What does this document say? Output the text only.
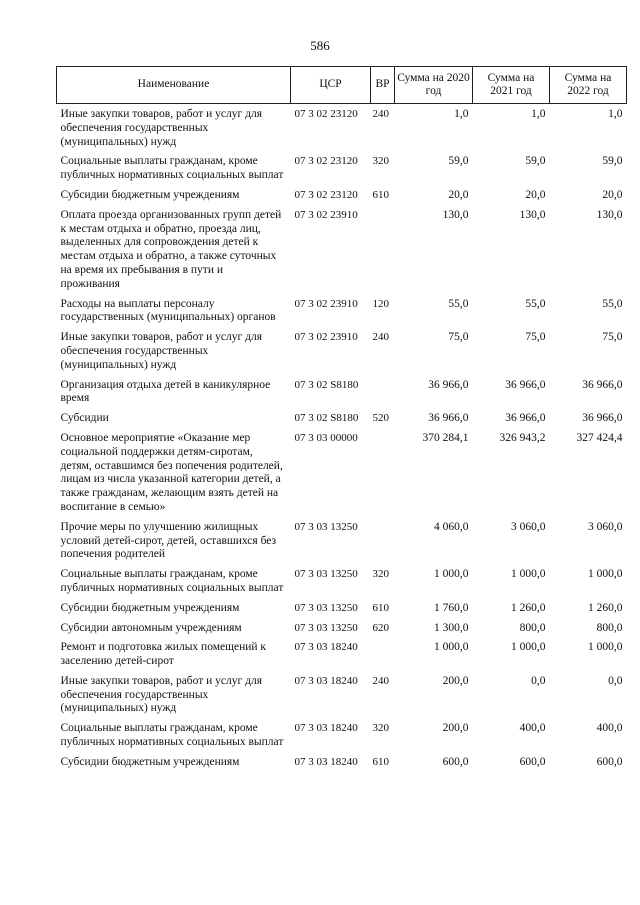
586
Наименование	ЦСР	ВР	Сумма на 2020 год	Сумма на 2021 год	Сумма на 2022 год
Иные закупки товаров, работ и услуг для обеспечения государственных (муниципальных) нужд	07 3 02 23120	240	1,0	1,0	1,0
Социальные выплаты гражданам, кроме публичных нормативных социальных выплат	07 3 02 23120	320	59,0	59,0	59,0
Субсидии бюджетным учреждениям	07 3 02 23120	610	20,0	20,0	20,0
Оплата проезда организованных групп детей к местам отдыха и обратно, проезда лиц, выделенных для сопровождения детей к местам отдыха и обратно, а также суточных на время их пребывания в пути и проживания	07 3 02 23910		130,0	130,0	130,0
Расходы на выплаты персоналу государственных (муниципальных) органов	07 3 02 23910	120	55,0	55,0	55,0
Иные закупки товаров, работ и услуг для обеспечения государственных (муниципальных) нужд	07 3 02 23910	240	75,0	75,0	75,0
Организация отдыха детей в каникулярное время	07 3 02 S8180		36 966,0	36 966,0	36 966,0
Субсидии	07 3 02 S8180	520	36 966,0	36 966,0	36 966,0
Основное мероприятие «Оказание мер социальной поддержки детям-сиротам, детям, оставшимся без попечения родителей, лицам из числа указанной категории детей, а также гражданам, желающим взять детей на воспитание в семью»	07 3 03 00000		370 284,1	326 943,2	327 424,4
Прочие меры по улучшению жилищных условий детей-сирот, детей, оставшихся без попечения родителей	07 3 03 13250		4 060,0	3 060,0	3 060,0
Социальные выплаты гражданам, кроме публичных нормативных социальных выплат	07 3 03 13250	320	1 000,0	1 000,0	1 000,0
Субсидии бюджетным учреждениям	07 3 03 13250	610	1 760,0	1 260,0	1 260,0
Субсидии автономным учреждениям	07 3 03 13250	620	1 300,0	800,0	800,0
Ремонт и подготовка жилых помещений к заселению детей-сирот	07 3 03 18240		1 000,0	1 000,0	1 000,0
Иные закупки товаров, работ и услуг для обеспечения государственных (муниципальных) нужд	07 3 03 18240	240	200,0	0,0	0,0
Социальные выплаты гражданам, кроме публичных нормативных социальных выплат	07 3 03 18240	320	200,0	400,0	400,0
Субсидии бюджетным учреждениям	07 3 03 18240	610	600,0	600,0	600,0
